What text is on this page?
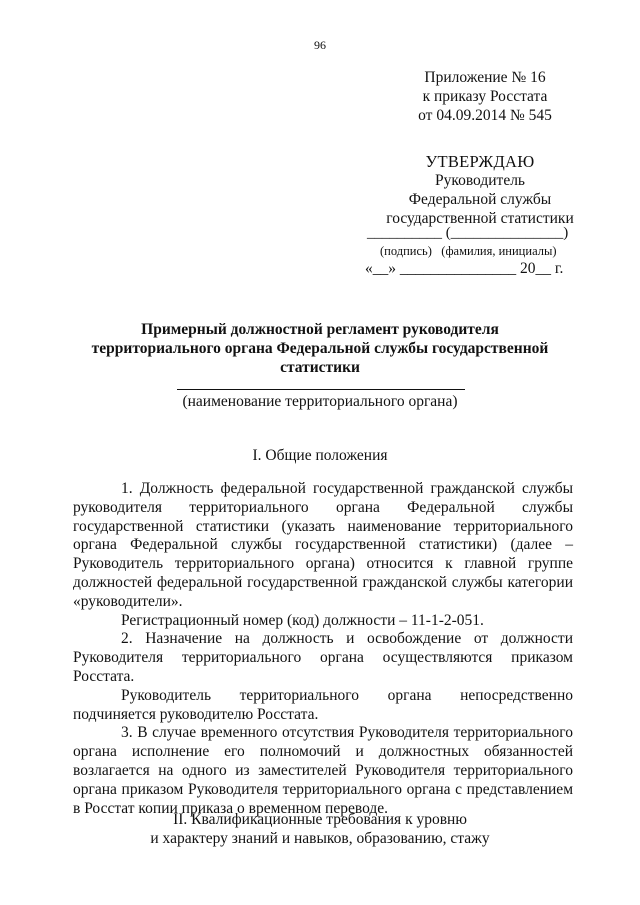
96
Приложение № 16
к приказу Росстата
от 04.09.2014 № 545
УТВЕРЖДАЮ
Руководитель
Федеральной службы
государственной статистики
__________ (_______________)
(подпись) (фамилия, инициалы)
«__» _______________ 20__ г.
Примерный должностной регламент руководителя
территориального органа Федеральной службы государственной
статистики
(наименование территориального органа)
I. Общие положения

1. Должность федеральной государственной гражданской службы руководителя территориального органа Федеральной службы государственной статистики (указать наименование территориального органа Федеральной службы государственной статистики) (далее – Руководитель территориального органа) относится к главной группе должностей федеральной государственной гражданской службы категории «руководители».

Регистрационный номер (код) должности – 11-1-2-051.

2. Назначение на должность и освобождение от должности Руководителя территориального органа осуществляются приказом Росстата.

Руководитель территориального органа непосредственно подчиняется руководителю Росстата.

3. В случае временного отсутствия Руководителя территориального органа исполнение его полномочий и должностных обязанностей возлагается на одного из заместителей Руководителя территориального органа приказом Руководителя территориального органа с представлением в Росстат копии приказа о временном переводе.

II. Квалификационные требования к уровню
и характеру знаний и навыков, образованию, стажу
